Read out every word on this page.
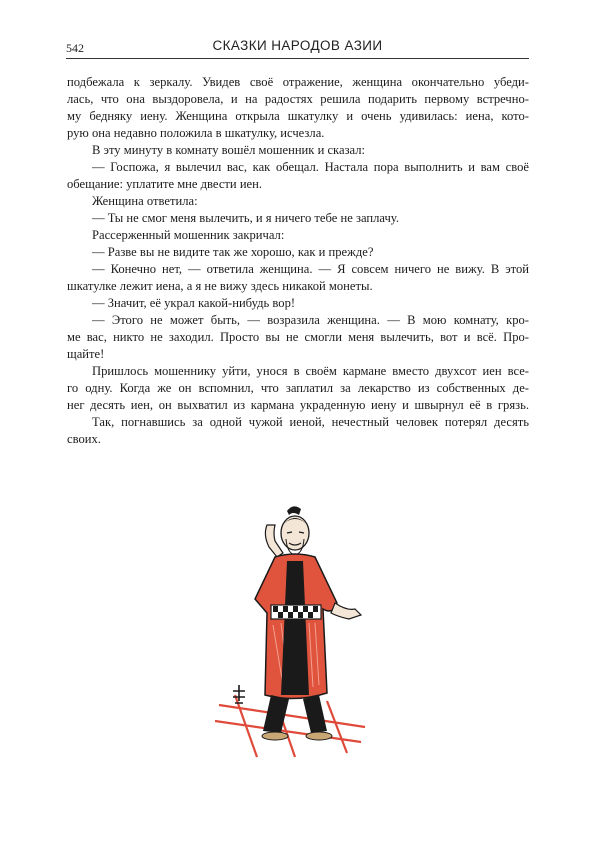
542	СКАЗКИ НАРОДОВ АЗИИ
подбежала к зеркалу. Увидев своё отражение, женщина окончательно убеди-
лась, что она выздоровела, и на радостях решила подарить первому встречно-
му бедняку иену. Женщина открыла шкатулку и очень удивилась: иена, кото-
рую она недавно положила в шкатулку, исчезла.
В эту минуту в комнату вошёл мошенник и сказал:
— Госпожа, я вылечил вас, как обещал. Настала пора выполнить и вам своё
обещание: уплатите мне двести иен.
Женщина ответила:
— Ты не смог меня вылечить, и я ничего тебе не заплачу.
Рассерженный мошенник закричал:
— Разве вы не видите так же хорошо, как и прежде?
— Конечно нет, — ответила женщина. — Я совсем ничего не вижу. В этой
шкатулке лежит иена, а я не вижу здесь никакой монеты.
— Значит, её украл какой-нибудь вор!
— Этого не может быть, — возразила женщина. — В мою комнату, кро-
ме вас, никто не заходил. Просто вы не смогли меня вылечить, вот и всё. Про-
щайте!
Пришлось мошеннику уйти, унося в своём кармане вместо двухсот иен все-
го одну. Когда же он вспомнил, что заплатил за лекарство из собственных де-
нег десять иен, он выхватил из кармана украденную иену и швырнул её в грязь.
Так, погнавшись за одной чужой иеной, нечестный человек потерял десять
своих.
